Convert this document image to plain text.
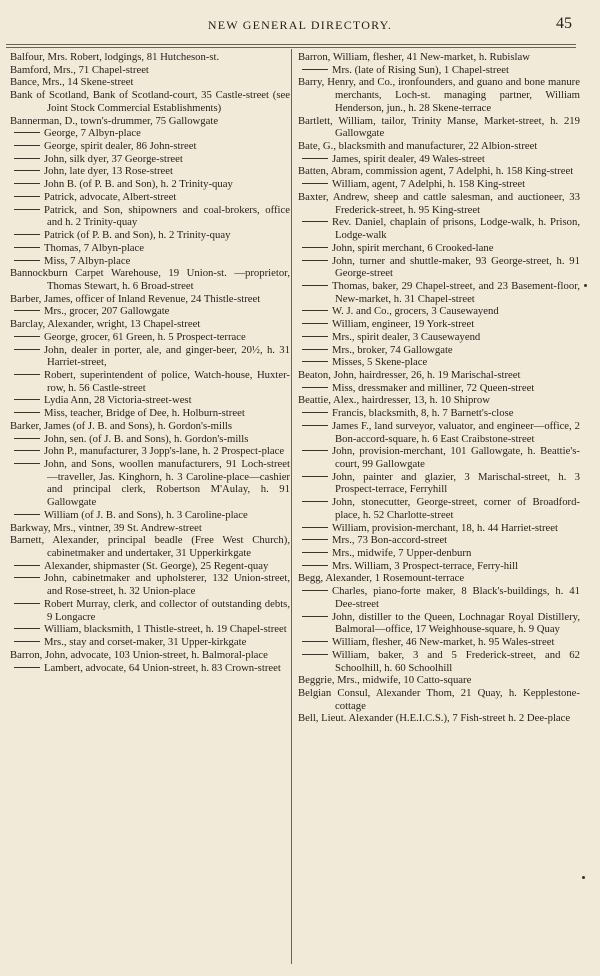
NEW GENERAL DIRECTORY.	45
Balfour, Mrs. Robert, lodgings, 81 Hutcheson-st.
Bamford, Mrs., 71 Chapel-street
Bance, Mrs., 14 Skene-street
Bank of Scotland, Bank of Scotland-court, 35 Castle-street (see Joint Stock Commercial Establishments)
Bannerman, D., town's-drummer, 75 Gallowgate
George, 7 Albyn-place
George, spirit dealer, 86 John-street
John, silk dyer, 37 George-street
John, late dyer, 13 Rose-street
John B. (of P. B. and Son), h. 2 Trinity-quay
Patrick, advocate, Albert-street
Patrick, and Son, shipowners and coal-brokers, office and h. 2 Trinity-quay
Patrick (of P. B. and Son), h. 2 Trinity-quay
Thomas, 7 Albyn-place
Miss, 7 Albyn-place
Bannockburn Carpet Warehouse, 19 Union-st. —proprietor, Thomas Stewart, h. 6 Broad-street
Barber, James, officer of Inland Revenue, 24 Thistle-street
Mrs., grocer, 207 Gallowgate
Barclay, Alexander, wright, 13 Chapel-street
George, grocer, 61 Green, h. 5 Prospect-terrace
John, dealer in porter, ale, and ginger-beer, 20½, h. 31 Harriet-street,
Robert, superintendent of police, Watch-house, Huxter-row, h. 56 Castle-street
Lydia Ann, 28 Victoria-street-west
Miss, teacher, Bridge of Dee, h. Holburn-street
Barker, James (of J. B. and Sons), h. Gordon's-mills
John, sen. (of J. B. and Sons), h. Gordon's-mills
John P., manufacturer, 3 Jopp's-lane, h. 2 Prospect-place
John, and Sons, woollen manufacturers, 91 Loch-street—traveller, Jas. Kinghorn, h. 3 Caroline-place—cashier and principal clerk, Robertson M'Aulay, h. 91 Gallowgate
William (of J. B. and Sons), h. 3 Caroline-place
Barkway, Mrs., vintner, 39 St. Andrew-street
Barnett, Alexander, principal beadle (Free West Church), cabinetmaker and undertaker, 31 Upperkirkgate
Alexander, shipmaster (St. George), 25 Regent-quay
John, cabinetmaker and upholsterer, 132 Union-street, and Rose-street, h. 32 Union-place
Robert Murray, clerk, and collector of outstanding debts, 9 Longacre
William, blacksmith, 1 Thistle-street, h. 19 Chapel-street
Mrs., stay and corset-maker, 31 Upper-kirkgate
Barron, John, advocate, 103 Union-street, h. Balmoral-place
Lambert, advocate, 64 Union-street, h. 83 Crown-street
Barron, William, flesher, 41 New-market, h. Rubislaw
Mrs. (late of Rising Sun), 1 Chapel-street
Barry, Henry, and Co., ironfounders, and guano and bone manure merchants, Loch-st. managing partner, William Henderson, jun., h. 28 Skene-terrace
Bartlett, William, tailor, Trinity Manse, Market-street, h. 219 Gallowgate
Bate, G., blacksmith and manufacturer, 22 Albion-street
James, spirit dealer, 49 Wales-street
Batten, Abram, commission agent, 7 Adelphi, h. 158 King-street
William, agent, 7 Adelphi, h. 158 King-street
Baxter, Andrew, sheep and cattle salesman, and auctioneer, 33 Frederick-street, h. 95 King-street
Rev. Daniel, chaplain of prisons, Lodge-walk, h. Prison, Lodge-walk
John, spirit merchant, 6 Crooked-lane
John, turner and shuttle-maker, 93 George-street, h. 91 George-street
Thomas, baker, 29 Chapel-street, and 23 Basement-floor, New-market, h. 31 Chapel-street
W. J. and Co., grocers, 3 Causewayend
William, engineer, 19 York-street
Mrs., spirit dealer, 3 Causewayend
Mrs., broker, 74 Gallowgate
Misses, 5 Skene-place
Beaton, John, hairdresser, 26, h. 19 Marischal-street
Miss, dressmaker and milliner, 72 Queen-street
Beattie, Alex., hairdresser, 13, h. 10 Shiprow
Francis, blacksmith, 8, h. 7 Barnett's-close
James F., land surveyor, valuator, and engineer—office, 2 Bon-accord-square, h. 6 East Craibstone-street
John, provision-merchant, 101 Gallowgate, h. Beattie's-court, 99 Gallowgate
John, painter and glazier, 3 Marischal-street, h. 3 Prospect-terrace, Ferryhill
John, stonecutter, George-street, corner of Broadford-place, h. 52 Charlotte-street
William, provision-merchant, 18, h. 44 Harriet-street
Mrs., 73 Bon-accord-street
Mrs., midwife, 7 Upper-denburn
Mrs. William, 3 Prospect-terrace, Ferry-hill
Begg, Alexander, 1 Rosemount-terrace
Charles, piano-forte maker, 8 Black's-buildings, h. 41 Dee-street
John, distiller to the Queen, Lochnagar Royal Distillery, Balmoral—office, 17 Weighhouse-square, h. 9 Quay
William, flesher, 46 New-market, h. 95 Wales-street
William, baker, 3 and 5 Frederick-street, and 62 Schoolhill, h. 60 Schoolhill
Beggrie, Mrs., midwife, 10 Catto-square
Belgian Consul, Alexander Thom, 21 Quay, h. Kepplestone-cottage
Bell, Lieut. Alexander (H.E.I.C.S.), 7 Fish-street h. 2 Dee-place
